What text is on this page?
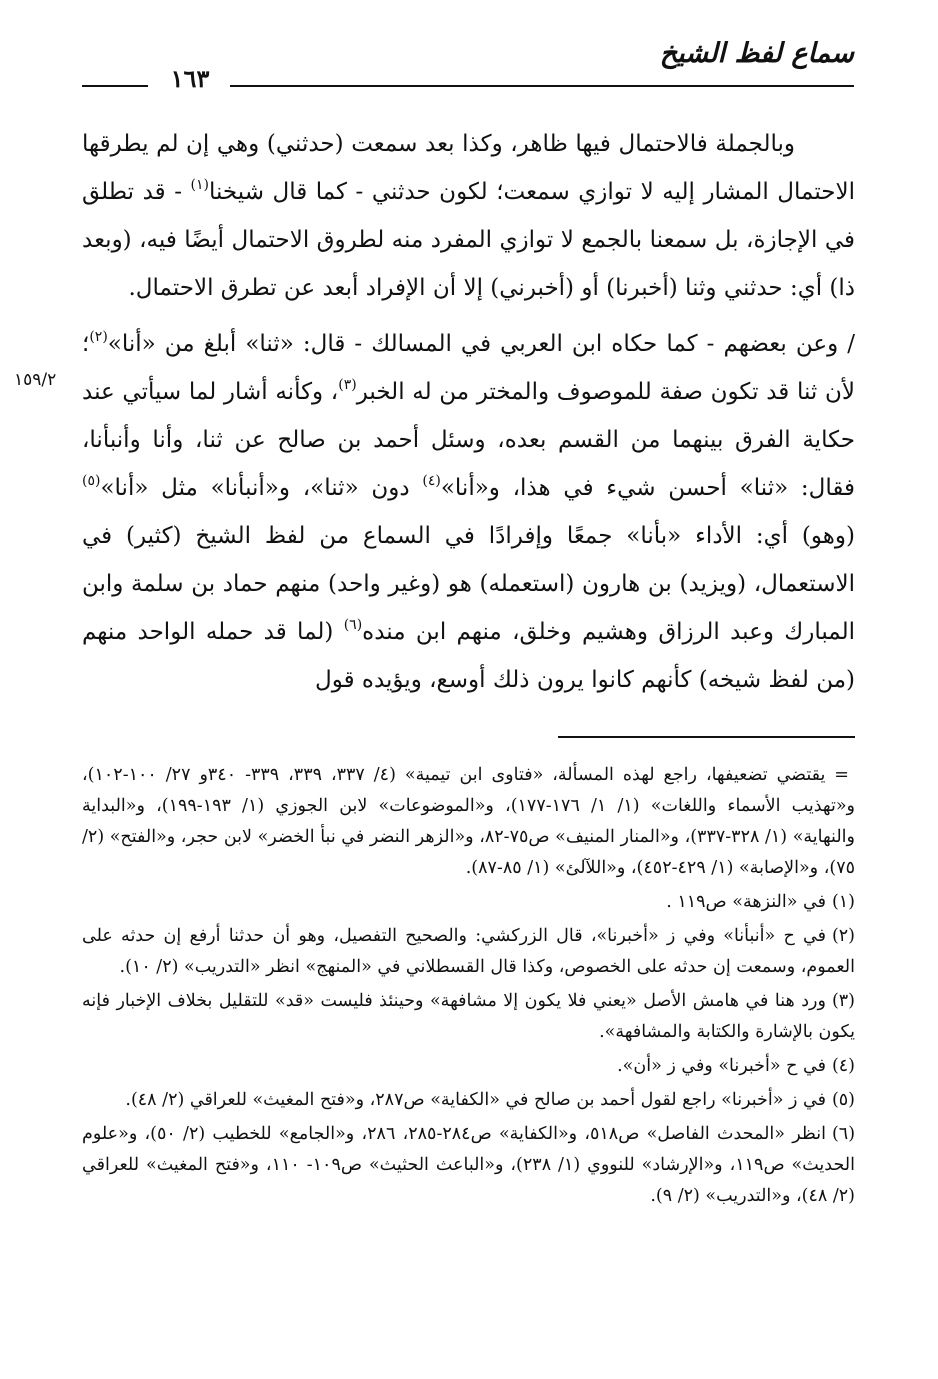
سماع لفظ الشيخ
١٦٣
١٥٩/٢

وبالجملة فالاحتمال فيها ظاهر، وكذا بعد سمعت (حدثني) وهي إن لم يطرقها الاحتمال المشار إليه لا توازي سمعت؛ لكون حدثني - كما قال شيخنا$^{(١)}$ - قد تطلق في الإجازة، بل سمعنا بالجمع لا توازي المفرد منه لطروق الاحتمال أيضًا فيه، (وبعد ذا) أي: حدثني وثنا (أخبرنا) أو (أخبرني) إلا أن الإفراد أبعد عن تطرق الاحتمال.

/ وعن بعضهم - كما حكاه ابن العربي في المسالك - قال: «ثنا» أبلغ من «أنا»$^{(٢)}$؛ لأن ثنا قد تكون صفة للموصوف والمختر من له الخبر$^{(٣)}$، وكأنه أشار لما سيأتي عند حكاية الفرق بينهما من القسم بعده، وسئل أحمد بن صالح عن ثنا، وأنا وأنبأنا، فقال: «ثنا» أحسن شيء في هذا، و«أنا»$^{(٤)}$ دون «ثنا»، و«أنبأنا» مثل «أنا»$^{(٥)}$ (وهو) أي: الأداء «بأنا» جمعًا وإفرادًا في السماع من لفظ الشيخ (كثير) في الاستعمال، (ويزيد) بن هارون (استعمله) هو (وغير واحد) منهم حماد بن سلمة وابن المبارك وعبد الرزاق وهشيم وخلق، منهم ابن منده$^{(٦)}$ (لما قد حمله الواحد منهم (من لفظ شيخه) كأنهم كانوا يرون ذلك أوسع، ويؤيده قول

= يقتضي تضعيفها، راجع لهذه المسألة، «فتاوى ابن تيمية» (٤/ ٣٣٧، ٣٣٩، ٣٣٩- ٣٤٠و ٢٧/ ١٠٠-١٠٢)، و«تهذيب الأسماء واللغات» (١/ ١/ ١٧٦-١٧٧)، و«الموضوعات» لابن الجوزي (١/ ١٩٣-١٩٩)، و«البداية والنهاية» (١/ ٣٢٨-٣٣٧)، و«المنار المنيف» ص٧٥-٨٢، و«الزهر النضر في نبأ الخضر» لابن حجر، و«الفتح» (٢/ ٧٥)، و«الإصابة» (١/ ٤٢٩-٤٥٢)، و«اللآلئ» (١/ ٨٥-٨٧).
(١)في «النزهة» ص١١٩ .
(٢)في ح «أنبأنا» وفي ز «أخبرنا»، قال الزركشي: والصحيح التفصيل، وهو أن حدثنا أرفع إن حدثه على العموم، وسمعت إن حدثه على الخصوص، وكذا قال القسطلاني في «المنهج» انظر «التدريب» (٢/ ١٠).
(٣)ورد هنا في هامش الأصل «يعني فلا يكون إلا مشافهة» وحينئذ فليست «قد» للتقليل بخلاف الإخبار فإنه يكون بالإشارة والكتابة والمشافهة».
(٤)في ح «أخبرنا» وفي ز «أن».
(٥)في ز «أخبرنا» راجع لقول أحمد بن صالح في «الكفاية» ص٢٨٧، و«فتح المغيث» للعراقي (٢/ ٤٨).
(٦)انظر «المحدث الفاصل» ص٥١٨، و«الكفاية» ص٢٨٤-٢٨٥، ٢٨٦، و«الجامع» للخطيب (٢/ ٥٠)، و«علوم الحديث» ص١١٩، و«الإرشاد» للنووي (١/ ٢٣٨)، و«الباعث الحثيث» ص١٠٩- ١١٠، و«فتح المغيث» للعراقي (٢/ ٤٨)، و«التدريب» (٢/ ٩).
